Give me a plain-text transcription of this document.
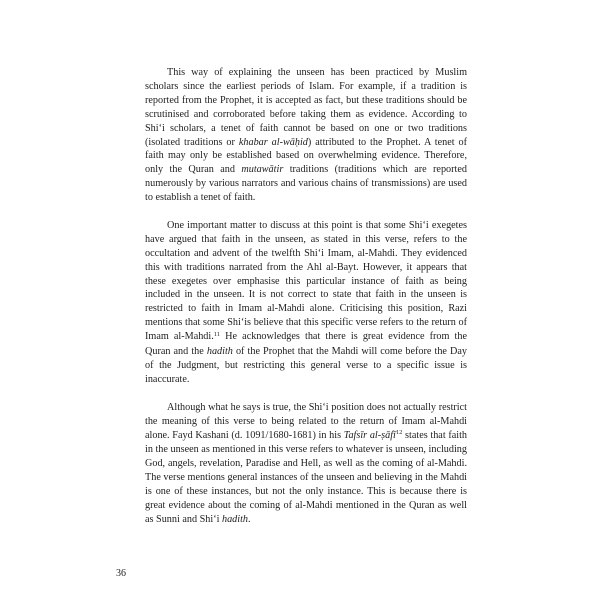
This way of explaining the unseen has been practiced by Muslim scholars since the earliest periods of Islam. For example, if a tradition is reported from the Prophet, it is accepted as fact, but these traditions should be scrutinised and corroborated before taking them as evidence. According to Shi‘i scholars, a tenet of faith cannot be based on one or two traditions (isolated traditions or khabar al-wāḥid) attributed to the Prophet. A tenet of faith may only be established based on overwhelming evidence. Therefore, only the Quran and mutawātir traditions (traditions which are reported numerously by various narrators and various chains of transmissions) are used to establish a tenet of faith.

One important matter to discuss at this point is that some Shi‘i exegetes have argued that faith in the unseen, as stated in this verse, refers to the occultation and advent of the twelfth Shi‘i Imam, al-Mahdi. They evidenced this with traditions narrated from the Ahl al-Bayt. However, it appears that these exegetes over emphasise this particular instance of faith as being included in the unseen. It is not correct to state that faith in the unseen is restricted to faith in Imam al-Mahdi alone. Criticising this position, Razi mentions that some Shi‘is believe that this specific verse refers to the return of Imam al-Mahdi.$^{11}$ He acknowledges that there is great evidence from the Quran and the hadith of the Prophet that the Mahdi will come before the Day of the Judgment, but restricting this general verse to a specific issue is inaccurate.

Although what he says is true, the Shi‘i position does not actually restrict the meaning of this verse to being related to the return of Imam al-Mahdi alone. Fayd Kashani (d. 1091/1680-1681) in his Tafsīr al-ṣāfī$^{12}$ states that faith in the unseen as mentioned in this verse refers to whatever is unseen, including God, angels, revelation, Paradise and Hell, as well as the coming of al-Mahdi. The verse mentions general instances of the unseen and believing in the Mahdi is one of these instances, but not the only instance. This is because there is great evidence about the coming of al-Mahdi mentioned in the Quran as well as Sunni and Shi‘i hadith.

36
